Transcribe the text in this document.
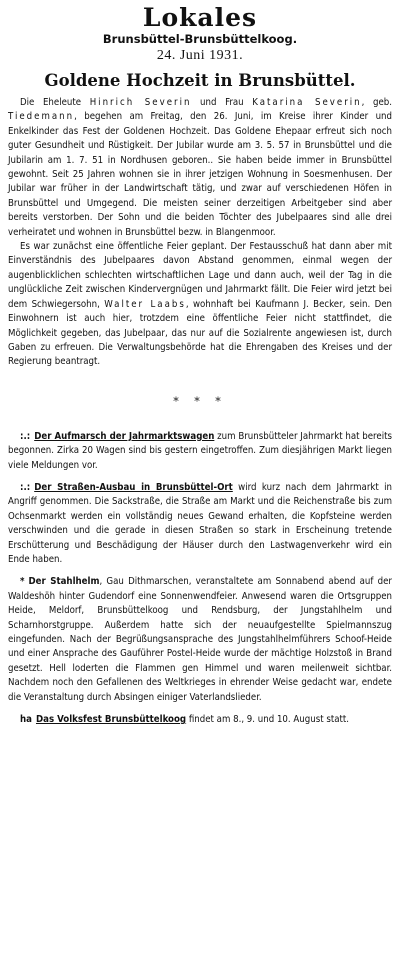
Lokales
Brunsbüttel-Brunsbüttelkoog.
24. Juni 1931.
Goldene Hochzeit in Brunsbüttel.

Die Eheleute Hinrich Severin und Frau Katarina Severin, geb. Tiedemann, begehen am Freitag, den 26. Juni, im Kreise ihrer Kinder und Enkelkinder das Fest der Goldenen Hochzeit. Das Goldene Ehepaar erfreut sich noch guter Gesundheit und Rüstigkeit. Der Jubilar wurde am 3. 5. 57 in Brunsbüttel und die Jubilarin am 1. 7. 51 in Nordhusen geboren.. Sie haben beide immer in Brunsbüttel gewohnt. Seit 25 Jahren wohnen sie in ihrer jetzigen Wohnung in Soesmenhusen. Der Jubilar war früher in der Landwirtschaft tätig, und zwar auf verschiedenen Höfen in Brunsbüttel und Umgegend. Die meisten seiner derzeitigen Arbeitgeber sind aber bereits verstorben. Der Sohn und die beiden Töchter des Jubelpaares sind alle drei verheiratet und wohnen in Brunsbüttel bezw. in Blangenmoor.

Es war zunächst eine öffentliche Feier geplant. Der Festausschuß hat dann aber mit Einverständnis des Jubelpaares davon Abstand genommen, einmal wegen der augenblicklichen schlechten wirtschaftlichen Lage und dann auch, weil der Tag in die unglückliche Zeit zwischen Kindervergnügen und Jahrmarkt fällt. Die Feier wird jetzt bei dem Schwiegersohn, Walter Laabs, wohnhaft bei Kaufmann J. Becker, sein. Den Einwohnern ist auch hier, trotzdem eine öffentliche Feier nicht stattfindet, die Möglichkeit gegeben, das Jubelpaar, das nur auf die Sozialrente angewiesen ist, durch Gaben zu erfreuen. Die Verwaltungsbehörde hat die Ehrengaben des Kreises und der Regierung beantragt.

* * *

:.: Der Aufmarsch der Jahrmarktswagen zum Brunsbütteler Jahrmarkt hat bereits begonnen. Zirka 20 Wagen sind bis gestern eingetroffen. Zum diesjährigen Markt liegen viele Meldungen vor.

:.: Der Straßen-Ausbau in Brunsbüttel-Ort wird kurz nach dem Jahrmarkt in Angriff genommen. Die Sackstraße, die Straße am Markt und die Reichenstraße bis zum Ochsenmarkt werden ein vollständig neues Gewand erhalten, die Kopfsteine werden verschwinden und die gerade in diesen Straßen so stark in Erscheinung tretende Erschütterung und Beschädigung der Häuser durch den Lastwagenverkehr wird ein Ende haben.

* Der Stahlhelm, Gau Dithmarschen, veranstaltete am Sonnabend abend auf der Waldeshöh hinter Gudendorf eine Sonnenwendfeier. Anwesend waren die Ortsgruppen Heide, Meldorf, Brunsbüttelkoog und Rendsburg, der Jungstahlhelm und Scharnhorstgruppe. Außerdem hatte sich der neuaufgestellte Spielmannszug eingefunden. Nach der Begrüßungsansprache des Jungstahlhelmführers Schoof-Heide und einer Ansprache des Gauführer Postel-Heide wurde der mächtige Holzstoß in Brand gesetzt. Hell loderten die Flammen gen Himmel und waren meilenweit sichtbar. Nachdem noch den Gefallenen des Weltkrieges in ehrender Weise gedacht war, endete die Veranstaltung durch Absingen einiger Vaterlandslieder.

ha Das Volksfest Brunsbüttelkoog findet am 8., 9. und 10. August statt.
